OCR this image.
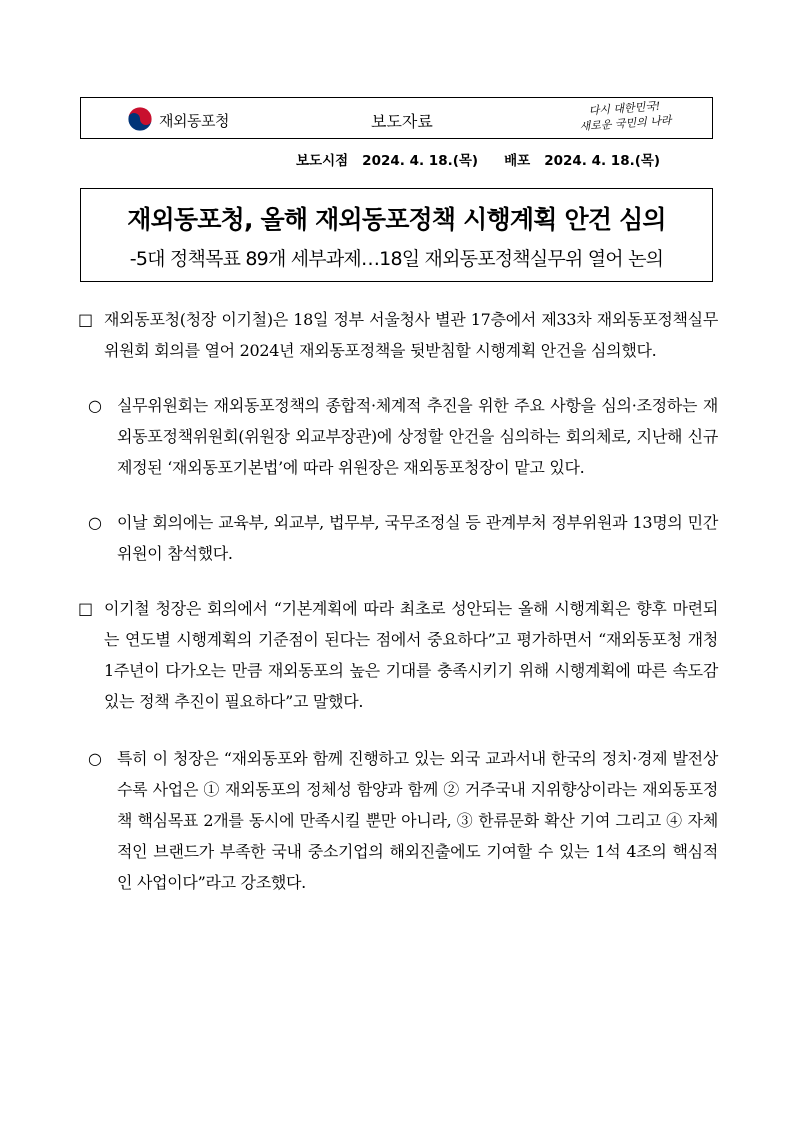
재외동포청	보도자료
다시 대한민국!
새로운 국민의 나라
보도시점 2024. 4. 18.(목) 배포 2024. 4. 18.(목)
재외동포청, 올해 재외동포정책 시행계획 안건 심의
-5대 정책목표 89개 세부과제…18일 재외동포정책실무위 열어 논의
□ 재외동포청(청장 이기철)은 18일 정부 서울청사 별관 17층에서 제33차 재외동포정책실무위원회 회의를 열어 2024년 재외동포정책을 뒷받침할 시행계획 안건을 심의했다.
○ 실무위원회는 재외동포정책의 종합적·체계적 추진을 위한 주요 사항을 심의·조정하는 재외동포정책위원회(위원장 외교부장관)에 상정할 안건을 심의하는 회의체로, 지난해 신규 제정된 ‘재외동포기본법’에 따라 위원장은 재외동포청장이 맡고 있다.
○ 이날 회의에는 교육부, 외교부, 법무부, 국무조정실 등 관계부처 정부위원과 13명의 민간위원이 참석했다.
□ 이기철 청장은 회의에서 “기본계획에 따라 최초로 성안되는 올해 시행계획은 향후 마련되는 연도별 시행계획의 기준점이 된다는 점에서 중요하다”고 평가하면서 “재외동포청 개청 1주년이 다가오는 만큼 재외동포의 높은 기대를 충족시키기 위해 시행계획에 따른 속도감 있는 정책 추진이 필요하다”고 말했다.
○ 특히 이 청장은 “재외동포와 함께 진행하고 있는 외국 교과서내 한국의 정치·경제 발전상 수록 사업은 ① 재외동포의 정체성 함양과 함께 ② 거주국내 지위향상이라는 재외동포정책 핵심목표 2개를 동시에 만족시킬 뿐만 아니라, ③ 한류문화 확산 기여 그리고 ④ 자체적인 브랜드가 부족한 국내 중소기업의 해외진출에도 기여할 수 있는 1석 4조의 핵심적인 사업이다”라고 강조했다.
